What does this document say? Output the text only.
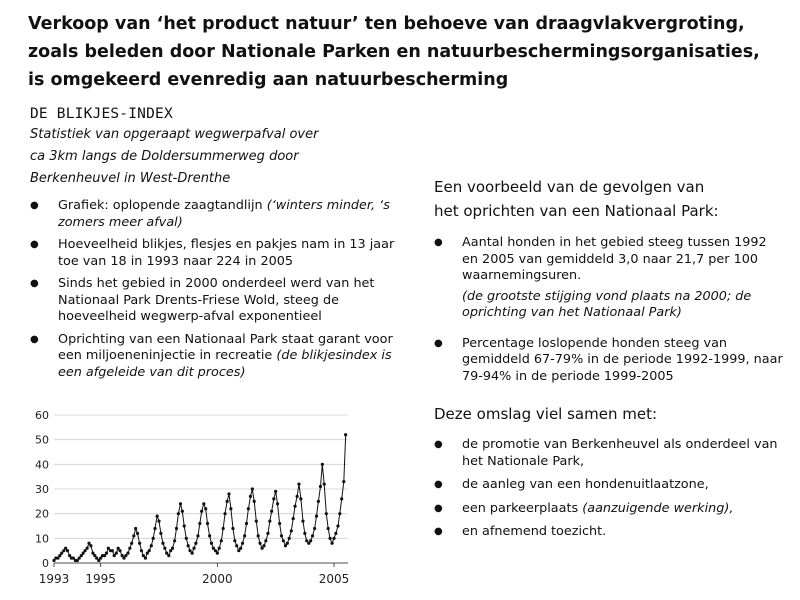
Verkoop van ‘het product natuur’ ten behoeve van draagvlakvergroting,
zoals beleden door Nationale Parken en natuurbeschermingsorganisaties,
is omgekeerd evenredig aan natuurbescherming
DE BLIKJES-INDEX
Statistiek van opgeraapt wegwerpafval over
ca 3km langs de Doldersummerweg door
Berkenheuvel in West-Drenthe
● Grafiek: oplopende zaagtandlijn (‘winters minder, ‘s zomers meer afval)
● Hoeveelheid blikjes, flesjes en pakjes nam in 13 jaar toe van 18 in 1993 naar 224 in 2005
● Sinds het gebied in 2000 onderdeel werd van het Nationaal Park Drents-Friese Wold, steeg de hoeveelheid wegwerp-afval exponentieel
● Oprichting van een Nationaal Park staat garant voor een miljoeneninjectie in recreatie (de blikjesindex is een afgeleide van dit proces)
0
10
20
30
40
50
60
1993 1995	2000	2005
Een voorbeeld van de gevolgen van
het oprichten van een Nationaal Park:
● Aantal honden in het gebied steeg tussen 1992 en 2005 van gemiddeld 3,0 naar 21,7 per 100 waarnemingsuren.
(de grootste stijging vond plaats na 2000; de oprichting van het Nationaal Park)
● Percentage loslopende honden steeg van gemiddeld 67-79% in de periode 1992-1999, naar 79-94% in de periode 1999-2005
Deze omslag viel samen met:
● de promotie van Berkenheuvel als onderdeel van het Nationale Park,
● de aanleg van een hondenuitlaatzone,
● een parkeerplaats (aanzuigende werking),
● en afnemend toezicht.
